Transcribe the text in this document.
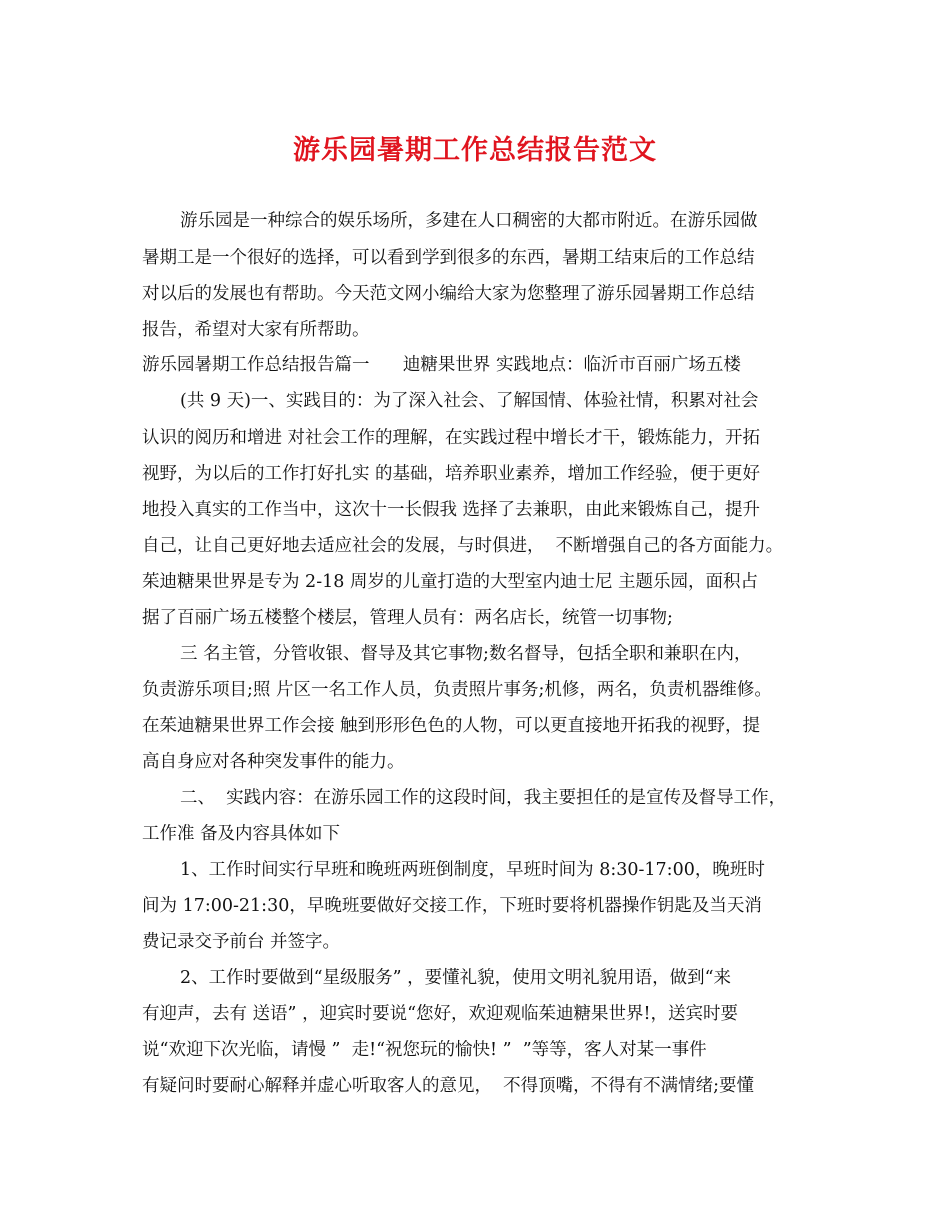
游乐园暑期工作总结报告范文
游乐园是一种综合的娱乐场所，多建在人口稠密的大都市附近。在游乐园做
暑期工是一个很好的选择，可以看到学到很多的东西，暑期工结束后的工作总结
对以后的发展也有帮助。今天范文网小编给大家为您整理了游乐园暑期工作总结
报告，希望对大家有所帮助。
游乐园暑期工作总结报告篇一      迪糖果世界 实践地点：临沂市百丽广场五楼
(共 9 天)一、实践目的：为了深入社会、了解国情、体验社情，积累对社会
认识的阅历和增进 对社会工作的理解，在实践过程中增长才干，锻炼能力，开拓
视野，为以后的工作打好扎实 的基础，培养职业素养，增加工作经验，便于更好
地投入真实的工作当中，这次十一长假我 选择了去兼职，由此来锻炼自己，提升
自己，让自己更好地去适应社会的发展，与时俱进，  不断增强自己的各方面能力。
茱迪糖果世界是专为 2-18 周岁的儿童打造的大型室内迪士尼 主题乐园，面积占
据了百丽广场五楼整个楼层，管理人员有：两名店长，统管一切事物;
三 名主管，分管收银、督导及其它事物;数名督导，包括全职和兼职在内，
负责游乐项目;照 片区一名工作人员，负责照片事务;机修，两名，负责机器维修。
在茱迪糖果世界工作会接 触到形形色色的人物，可以更直接地开拓我的视野，提
高自身应对各种突发事件的能力。
二、  实践内容：在游乐园工作的这段时间，我主要担任的是宣传及督导工作，
工作准 备及内容具体如下
1、工作时间实行早班和晚班两班倒制度，早班时间为 8:30-17:00，晚班时
间为 17:00-21:30，早晚班要做好交接工作，下班时要将机器操作钥匙及当天消
费记录交予前台 并签字。
2、工作时要做到“星级服务” ，要懂礼貌，使用文明礼貌用语，做到“来
有迎声，去有 送语” ，迎宾时要说“您好，欢迎观临茱迪糖果世界!，送宾时要
说“欢迎下次光临，请慢 ”  走!“祝您玩的愉快! ”  ”等等，客人对某一事件
有疑问时要耐心解释并虚心听取客人的意见，  不得顶嘴，不得有不满情绪;要懂
